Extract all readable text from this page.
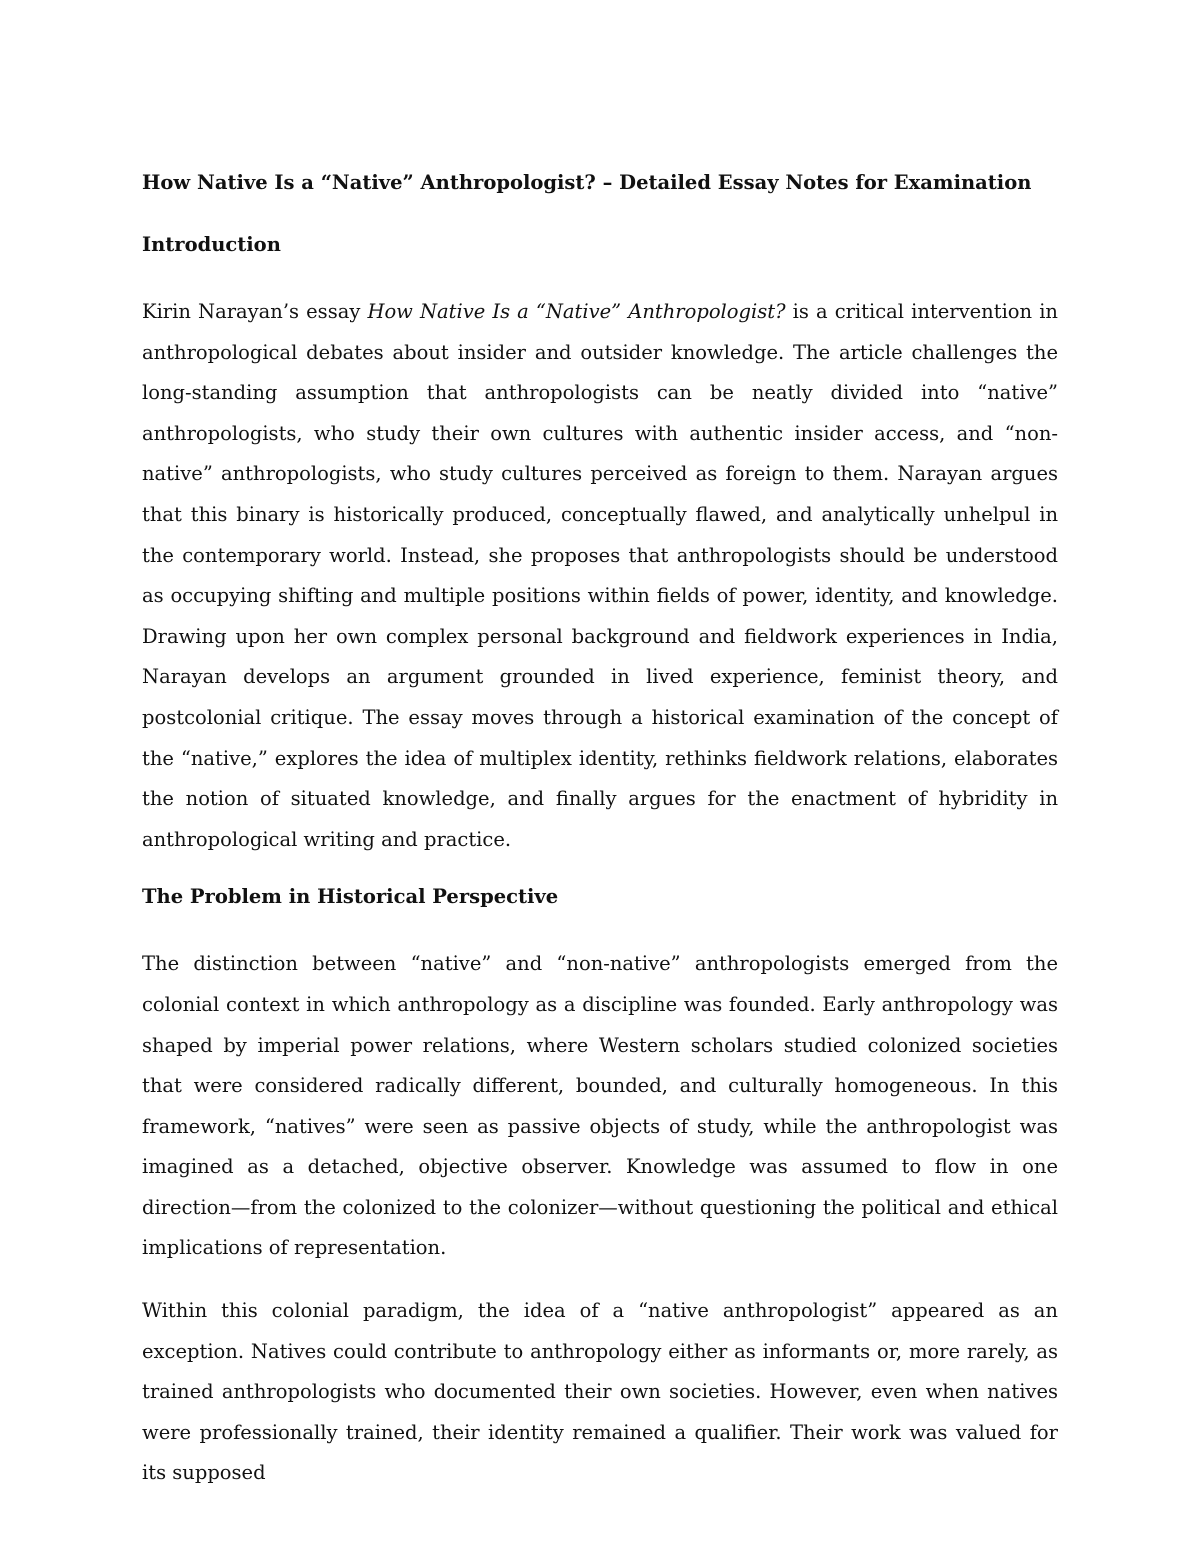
How Native Is a “Native” Anthropologist? – Detailed Essay Notes for Examination
Introduction

Kirin Narayan’s essay How Native Is a “Native” Anthropologist? is a critical intervention in anthropological debates about insider and outsider knowledge. The article challenges the long-standing assumption that anthropologists can be neatly divided into “native” anthropologists, who study their own cultures with authentic insider access, and “non-native” anthropologists, who study cultures perceived as foreign to them. Narayan argues that this binary is historically produced, conceptually flawed, and analytically unhelpul in the contemporary world. Instead, she proposes that anthropologists should be understood as occupying shifting and multiple positions within fields of power, identity, and knowledge. Drawing upon her own complex personal background and fieldwork experiences in India, Narayan develops an argument grounded in lived experience, feminist theory, and postcolonial critique. The essay moves through a historical examination of the concept of the “native,” explores the idea of multiplex identity, rethinks fieldwork relations, elaborates the notion of situated knowledge, and finally argues for the enactment of hybridity in anthropological writing and practice.

The Problem in Historical Perspective

The distinction between “native” and “non-native” anthropologists emerged from the colonial context in which anthropology as a discipline was founded. Early anthropology was shaped by imperial power relations, where Western scholars studied colonized societies that were considered radically different, bounded, and culturally homogeneous. In this framework, “natives” were seen as passive objects of study, while the anthropologist was imagined as a detached, objective observer. Knowledge was assumed to flow in one direction—from the colonized to the colonizer—without questioning the political and ethical implications of representation.

Within this colonial paradigm, the idea of a “native anthropologist” appeared as an exception. Natives could contribute to anthropology either as informants or, more rarely, as trained anthropologists who documented their own societies. However, even when natives were professionally trained, their identity remained a qualifier. Their work was valued for its supposed
